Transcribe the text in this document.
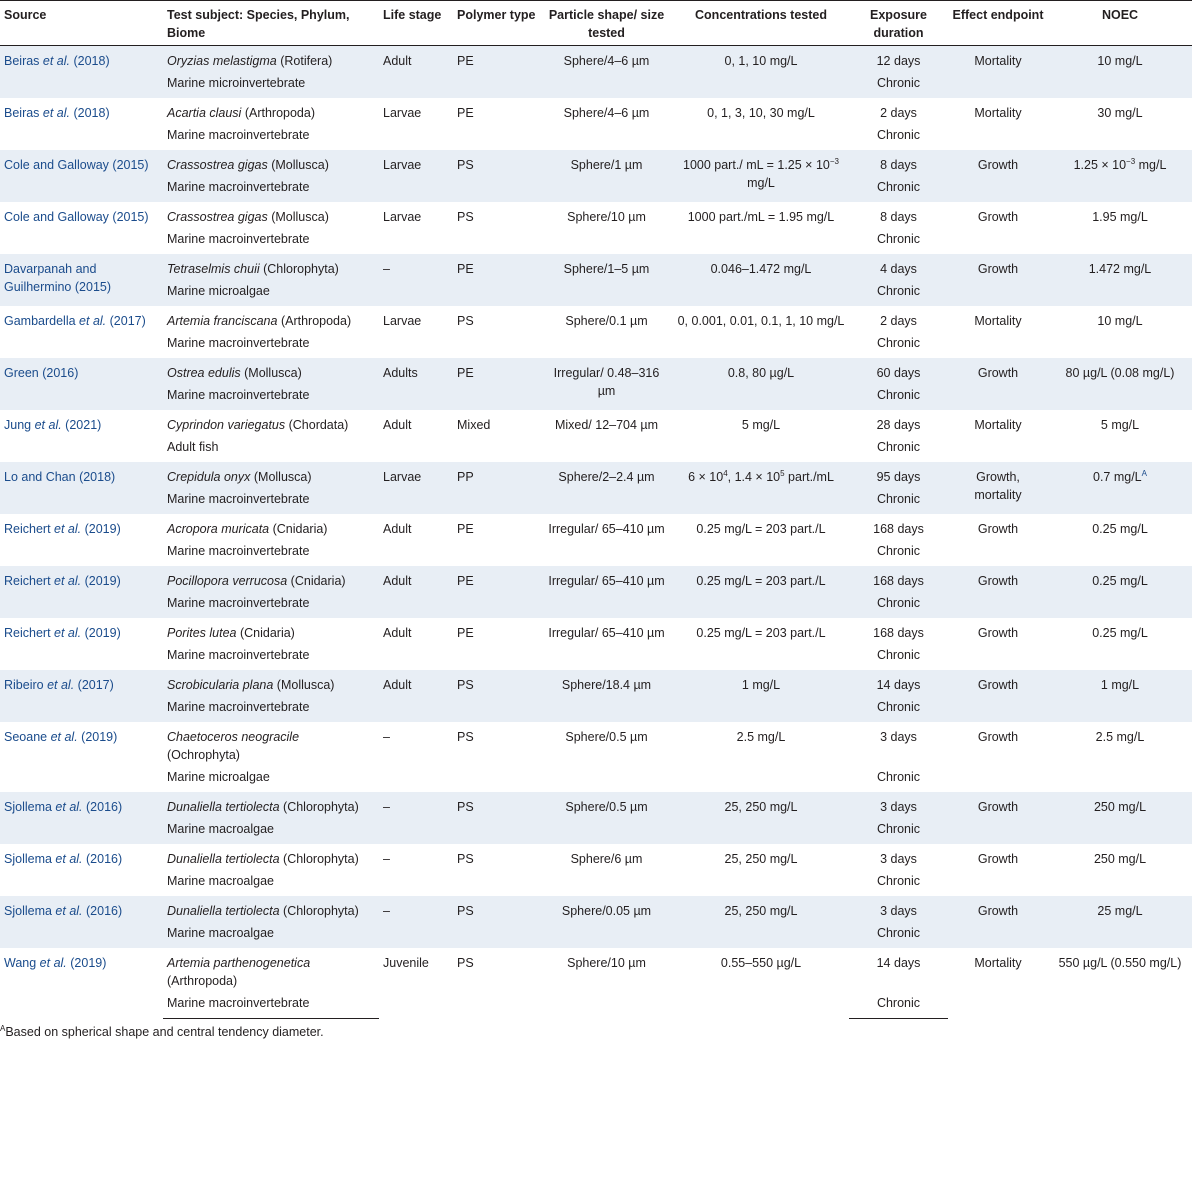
Source	Test subject: Species, Phylum, Biome	Life stage	Polymer type	Particle shape/ size tested	Concentrations tested	Exposure duration	Effect endpoint	NOEC
Beiras et al. (2018)	Oryzias melastigma (Rotifera)	Adult	PE	Sphere/4–6 µm	0, 1, 10 mg/L	12 days	Mortality	10 mg/L
	Marine microinvertebrate					Chronic		
Beiras et al. (2018)	Acartia clausi (Arthropoda)	Larvae	PE	Sphere/4–6 µm	0, 1, 3, 10, 30 mg/L	2 days	Mortality	30 mg/L
	Marine macroinvertebrate					Chronic		
Cole and Galloway (2015)	Crassostrea gigas (Mollusca)	Larvae	PS	Sphere/1 µm	1000 part./ mL = $1.25 \times 10^{-3}$ mg/L	8 days	Growth	$1.25 \times 10^{-3}$ mg/L
	Marine macroinvertebrate					Chronic		
Cole and Galloway (2015)	Crassostrea gigas (Mollusca)	Larvae	PS	Sphere/10 µm	1000 part./mL = 1.95 mg/L	8 days	Growth	1.95 mg/L
	Marine macroinvertebrate					Chronic		
Davarpanah and Guilhermino (2015)	Tetraselmis chuii (Chlorophyta)	–	PE	Sphere/1–5 µm	0.046–1.472 mg/L	4 days	Growth	1.472 mg/L
	Marine microalgae					Chronic		
Gambardella et al. (2017)	Artemia franciscana (Arthropoda)	Larvae	PS	Sphere/0.1 µm	0, 0.001, 0.01, 0.1, 1, 10 mg/L	2 days	Mortality	10 mg/L
	Marine macroinvertebrate					Chronic		
Green (2016)	Ostrea edulis (Mollusca)	Adults	PE	Irregular/ 0.48–316 µm	0.8, 80 µg/L	60 days	Growth	80 µg/L (0.08 mg/L)
	Marine macroinvertebrate					Chronic		
Jung et al. (2021)	Cyprindon variegatus (Chordata)	Adult	Mixed	Mixed/ 12–704 µm	5 mg/L	28 days	Mortality	5 mg/L
	Adult fish					Chronic		
Lo and Chan (2018)	Crepidula onyx (Mollusca)	Larvae	PP	Sphere/2–2.4 µm	$6 \times 10^4$, $1.4 \times 10^5$ part./mL	95 days	Growth, mortality	0.7 $mg/L^A$
	Marine macroinvertebrate					Chronic		
Reichert et al. (2019)	Acropora muricata (Cnidaria)	Adult	PE	Irregular/ 65–410 µm	0.25 mg/L = 203 part./L	168 days	Growth	0.25 mg/L
	Marine macroinvertebrate					Chronic		
Reichert et al. (2019)	Pocillopora verrucosa (Cnidaria)	Adult	PE	Irregular/ 65–410 µm	0.25 mg/L = 203 part./L	168 days	Growth	0.25 mg/L
	Marine macroinvertebrate					Chronic		
Reichert et al. (2019)	Porites lutea (Cnidaria)	Adult	PE	Irregular/ 65–410 µm	0.25 mg/L = 203 part./L	168 days	Growth	0.25 mg/L
	Marine macroinvertebrate					Chronic		
Ribeiro et al. (2017)	Scrobicularia plana (Mollusca)	Adult	PS	Sphere/18.4 µm	1 mg/L	14 days	Growth	1 mg/L
	Marine macroinvertebrate					Chronic		
Seoane et al. (2019)	Chaetoceros neogracile (Ochrophyta)	–	PS	Sphere/0.5 µm	2.5 mg/L	3 days	Growth	2.5 mg/L
	Marine microalgae					Chronic		
Sjollema et al. (2016)	Dunaliella tertiolecta (Chlorophyta)	–	PS	Sphere/0.5 µm	25, 250 mg/L	3 days	Growth	250 mg/L
	Marine macroalgae					Chronic		
Sjollema et al. (2016)	Dunaliella tertiolecta (Chlorophyta)	–	PS	Sphere/6 µm	25, 250 mg/L	3 days	Growth	250 mg/L
	Marine macroalgae					Chronic		
Sjollema et al. (2016)	Dunaliella tertiolecta (Chlorophyta)	–	PS	Sphere/0.05 µm	25, 250 mg/L	3 days	Growth	25 mg/L
	Marine macroalgae					Chronic		
Wang et al. (2019)	Artemia parthenogenetica (Arthropoda)	Juvenile	PS	Sphere/10 µm	0.55–550 µg/L	14 days	Mortality	550 µg/L (0.550 mg/L)
	Marine macroinvertebrate					Chronic		
$^A$Based on spherical shape and central tendency diameter.
